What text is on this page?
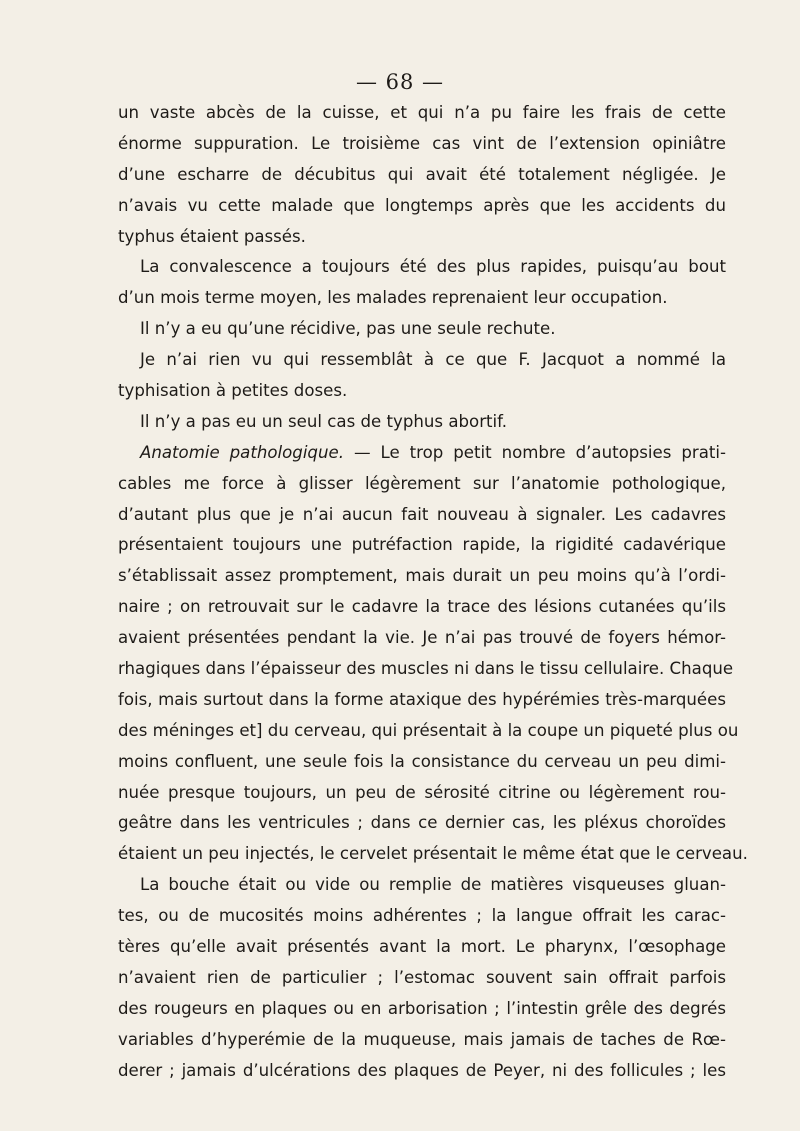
— 68 —
un vaste abcès de la cuisse, et qui n’a pu faire les frais de cette
énorme suppuration. Le troisième cas vint de l’extension opiniâtre
d’une escharre de décubitus qui avait été totalement négligée. Je
n’avais vu cette malade que longtemps après que les accidents du
typhus étaient passés.
La convalescence a toujours été des plus rapides, puisqu’au bout
d’un mois terme moyen, les malades reprenaient leur occupation.
Il n’y a eu qu’une récidive, pas une seule rechute.
Je n’ai rien vu qui ressemblât à ce que F. Jacquot a nommé la
typhisation à petites doses.
Il n’y a pas eu un seul cas de typhus abortif.
Anatomie pathologique. — Le trop petit nombre d’autopsies prati-
cables me force à glisser légèrement sur l’anatomie pothologique,
d’autant plus que je n’ai aucun fait nouveau à signaler. Les cadavres
présentaient toujours une putréfaction rapide, la rigidité cadavérique
s’établissait assez promptement, mais durait un peu moins qu’à l’ordi-
naire ; on retrouvait sur le cadavre la trace des lésions cutanées qu’ils
avaient présentées pendant la vie. Je n’ai pas trouvé de foyers hémor-
rhagiques dans l’épaisseur des muscles ni dans le tissu cellulaire. Chaque
fois, mais surtout dans la forme ataxique des hypérémies très-marquées
des méninges et] du cerveau, qui présentait à la coupe un piqueté plus ou
moins confluent, une seule fois la consistance du cerveau un peu dimi-
nuée presque toujours, un peu de sérosité citrine ou légèrement rou-
geâtre dans les ventricules ; dans ce dernier cas, les pléxus choroïdes
étaient un peu injectés, le cervelet présentait le même état que le cerveau.
La bouche était ou vide ou remplie de matières visqueuses gluan-
tes, ou de mucosités moins adhérentes ; la langue offrait les carac-
tères qu’elle avait présentés avant la mort. Le pharynx, l’œsophage
n’avaient rien de particulier ; l’estomac souvent sain offrait parfois
des rougeurs en plaques ou en arborisation ; l’intestin grêle des degrés
variables d’hyperémie de la muqueuse, mais jamais de taches de Rœ-
derer ; jamais d’ulcérations des plaques de Peyer, ni des follicules ; les
